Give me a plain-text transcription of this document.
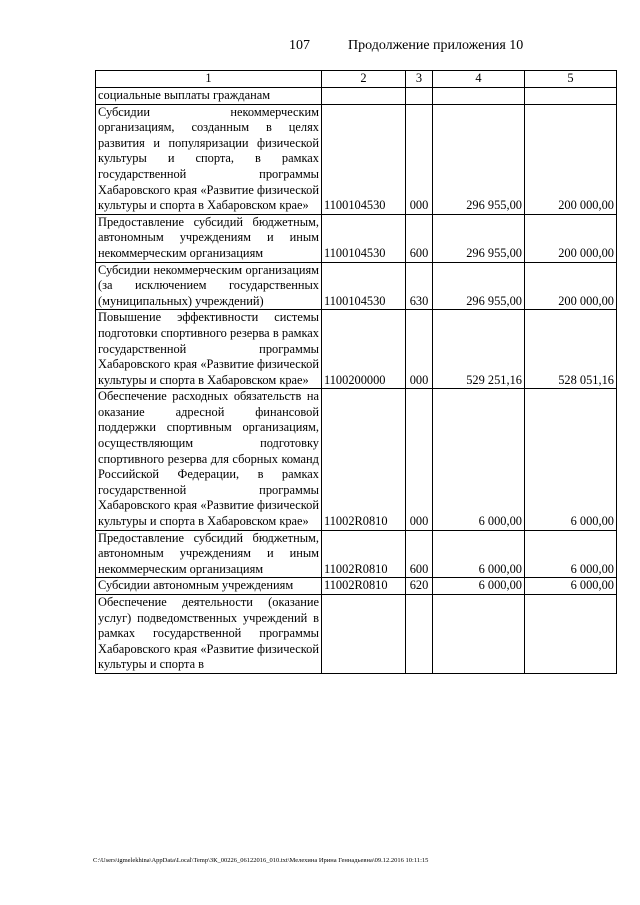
107	Продолжение приложения 10
1	2	3	4	5
социальные выплаты гражданам				
Субсидии некоммерческим организациям, созданным в целях развития и популяризации физической культуры и спорта, в рамках государственной программы Хабаровского края «Развитие физической культуры и спорта в Хабаровском крае»	1100104530	000	296 955,00	200 000,00
Предоставление субсидий бюджетным, автономным учреждениям и иным некоммерческим организациям	1100104530	600	296 955,00	200 000,00
Субсидии некоммерческим организациям (за исключением государственных (муниципальных) учреждений)	1100104530	630	296 955,00	200 000,00
Повышение эффективности системы подготовки спортивного резерва в рамках государственной программы Хабаровского края «Развитие физической культуры и спорта в Хабаровском крае»	1100200000	000	529 251,16	528 051,16
Обеспечение расходных обязательств на оказание адресной финансовой поддержки спортивным организациям, осуществляющим подготовку спортивного резерва для сборных команд Российской Федерации, в рамках государственной программы Хабаровского края «Развитие физической культуры и спорта в Хабаровском крае»	11002R0810	000	6 000,00	6 000,00
Предоставление субсидий бюджетным, автономным учреждениям и иным некоммерческим организациям	11002R0810	600	6 000,00	6 000,00
Субсидии автономным учреждениям	11002R0810	620	6 000,00	6 000,00
Обеспечение деятельности (оказание услуг) подведомственных учреждений в рамках государственной программы Хабаровского края «Развитие физической культуры и спорта в				
C:\Users\igmelekhina\AppData\Local\Temp\ЗК_00226_06122016_010.txt\Мелехина Ирина Геннадьевна\09.12.2016 10:11:15
